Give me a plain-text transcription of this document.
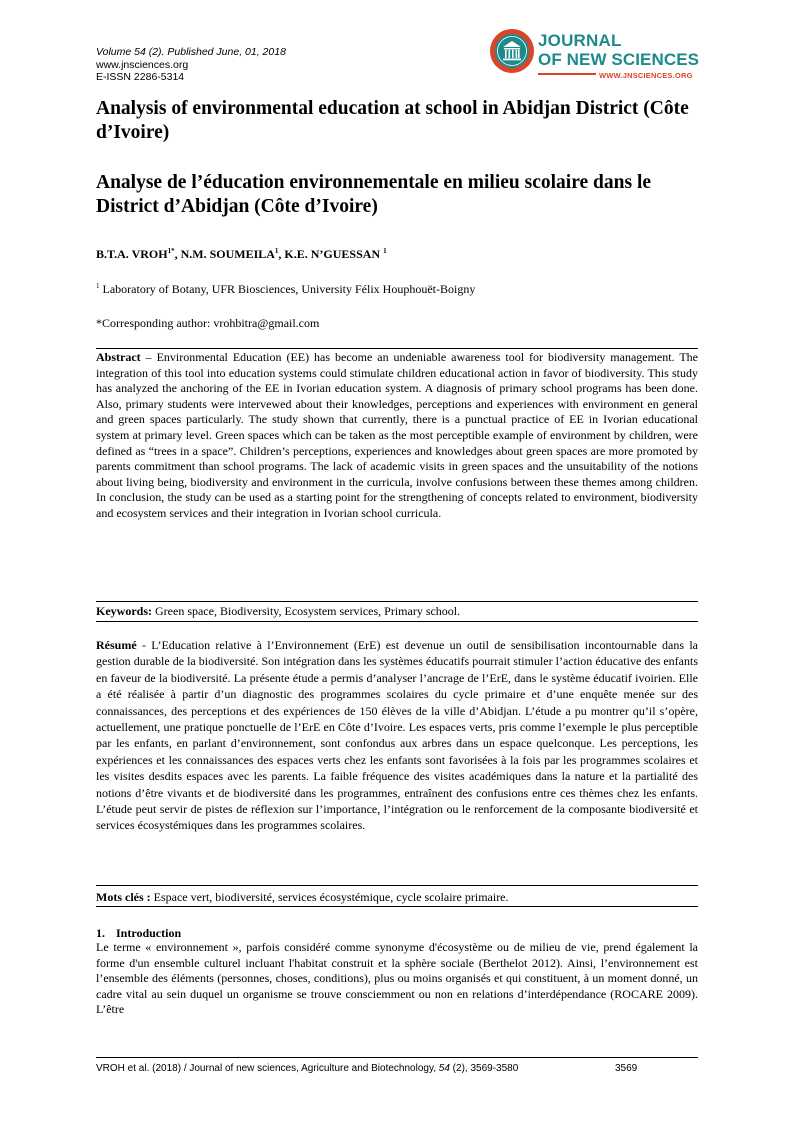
Volume 54 (2). Published June, 01, 2018
www.jnsciences.org
E-ISSN 2286-5314
JOURNAL
OF NEW SCIENCES
WWW.JNSCIENCES.ORG
Analysis of environmental education at school in Abidjan District (Côte d’Ivoire)
Analyse de l’éducation environnementale en milieu scolaire dans le District d’Abidjan (Côte d’Ivoire)
B.T.A. $VROH^{1*}$, N.M. SOUMEILA$^1$, K.E. N’GUESSAN $^1$
$^1$ Laboratory of Botany, UFR Biosciences, University Félix Houphouët-Boigny
*Corresponding author: vrohbitra@gmail.com
Abstract – Environmental Education (EE) has become an undeniable awareness tool for biodiversity management. The integration of this tool into education systems could stimulate children educational action in favor of biodiversity. This study has analyzed the anchoring of the EE in Ivorian education system. A diagnosis of primary school programs has been done. Also, primary students were intervewed about their knowledges, perceptions and experiences with environment en general and green spaces particularly. The study shown that currently, there is a punctual practice of EE in Ivorian educational system at primary level. Green spaces which can be taken as the most perceptible example of environment by children, were defined as “trees in a space”. Children’s perceptions, experiences and knowledges about green spaces are more promoted by parents commitment than school programs. The lack of academic visits in green spaces and the unsuitability of the notions about living being, biodiversity and environment in the curricula, involve confusions between these themes among children. In conclusion, the study can be used as a starting point for the strengthening of concepts related to environment, biodiversity and ecosystem services and their integration in Ivorian school curricula.
Keywords: Green space, Biodiversity, Ecosystem services, Primary school.
Résumé - L’Education relative à l’Environnement (ErE) est devenue un outil de sensibilisation incontournable dans la gestion durable de la biodiversité. Son intégration dans les systèmes éducatifs pourrait stimuler l’action éducative des enfants en faveur de la biodiversité. La présente étude a permis d’analyser l’ancrage de l’ErE, dans le système éducatif ivoirien. Elle a été réalisée à partir d’un diagnostic des programmes scolaires du cycle primaire et d’une enquête menée sur des connaissances, des perceptions et des expériences de 150 élèves de la ville d’Abidjan. L’étude a pu montrer qu’il s’opère, actuellement, une pratique ponctuelle de l’ErE en Côte d’Ivoire. Les espaces verts, pris comme l’exemple le plus perceptible par les enfants, en parlant d’environnement, sont confondus aux arbres dans un espace quelconque. Les perceptions, les expériences et les connaissances des espaces verts chez les enfants sont favorisées à la fois par les programmes scolaires et les visites desdits espaces avec les parents. La faible fréquence des visites académiques dans la nature et la partialité des notions d’être vivants et de biodiversité dans les programmes, entraînent des confusions entre ces thèmes chez les enfants. L’étude peut servir de pistes de réflexion sur l’importance, l’intégration ou le renforcement de la composante biodiversité et services écosystémiques dans les programmes scolaires.
Mots clés : Espace vert, biodiversité, services écosystémique, cycle scolaire primaire.
1. Introduction
Le terme « environnement », parfois considéré comme synonyme d'écosystème ou de milieu de vie, prend également la forme d'un ensemble culturel incluant l'habitat construit et la sphère sociale (Berthelot 2012). Ainsi, l’environnement est l’ensemble des éléments (personnes, choses, conditions), plus ou moins organisés et qui constituent, à un moment donné, un cadre vital au sein duquel un organisme se trouve consciemment ou non en relations d’interdépendance (ROCARE 2009). L’être
VROH et al. (2018) / Journal of new sciences, Agriculture and Biotechnology, 54 (2), 3569-3580	3569
